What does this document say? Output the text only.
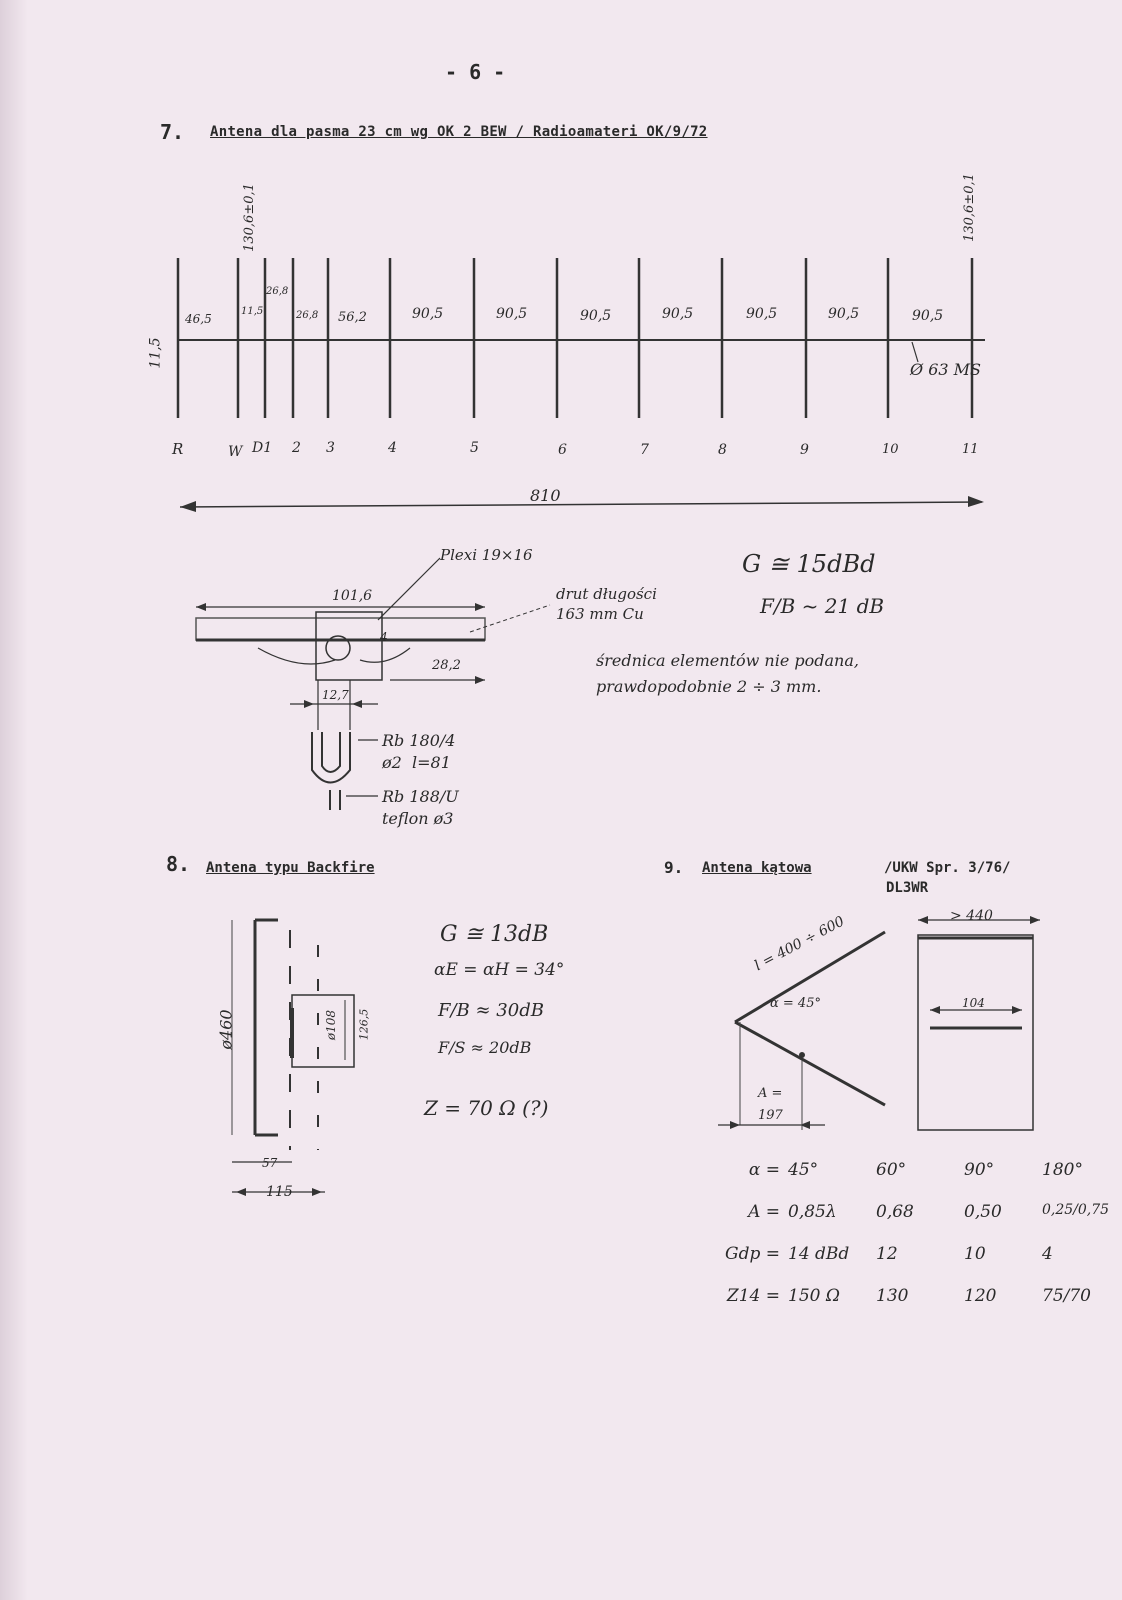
- 6 -
7. Antena dla pasma 23 cm wg OK 2 BEW / Radioamateri OK/9/72
130,6±0,1	130,6±0,1
11,5
46,5
11,5
26,8
26,8 56,2	90,5	90,5	90,5	90,5	90,5	90,5	90,5
Ø 63 MS
R	W D1 2 3	4	5	6	7	8	9	10	11
810
101,6
Plexi 19×16
drut długości
163 mm Cu
28,2
12,7
4
Rb 180/4
ø2  l=81
Rb 188/U
teflon ø3
G ≅ 15dBd
F/B ~ 21 dB
średnica elementów nie podana,
prawdopodobnie 2 ÷ 3 mm.
8. Antena typu Backfire
ø460	ø108 126,5
57
115
G ≅ 13dB
αE = αH = 34°
F/B ≈ 30dB
F/S ≈ 20dB
Z = 70 Ω (?)
9. Antena kątowa	/UKW Spr. 3/76/
DL3WR
l = 400 ÷ 600
α = 45°
A =
197
> 440
104
α = 45°	60°	90°	180°
A = 0,85λ	0,68	0,50	0,25/0,75
Gdp = 14 dBd	12	10	4
Z14 = 150 Ω	130	120	75/70
